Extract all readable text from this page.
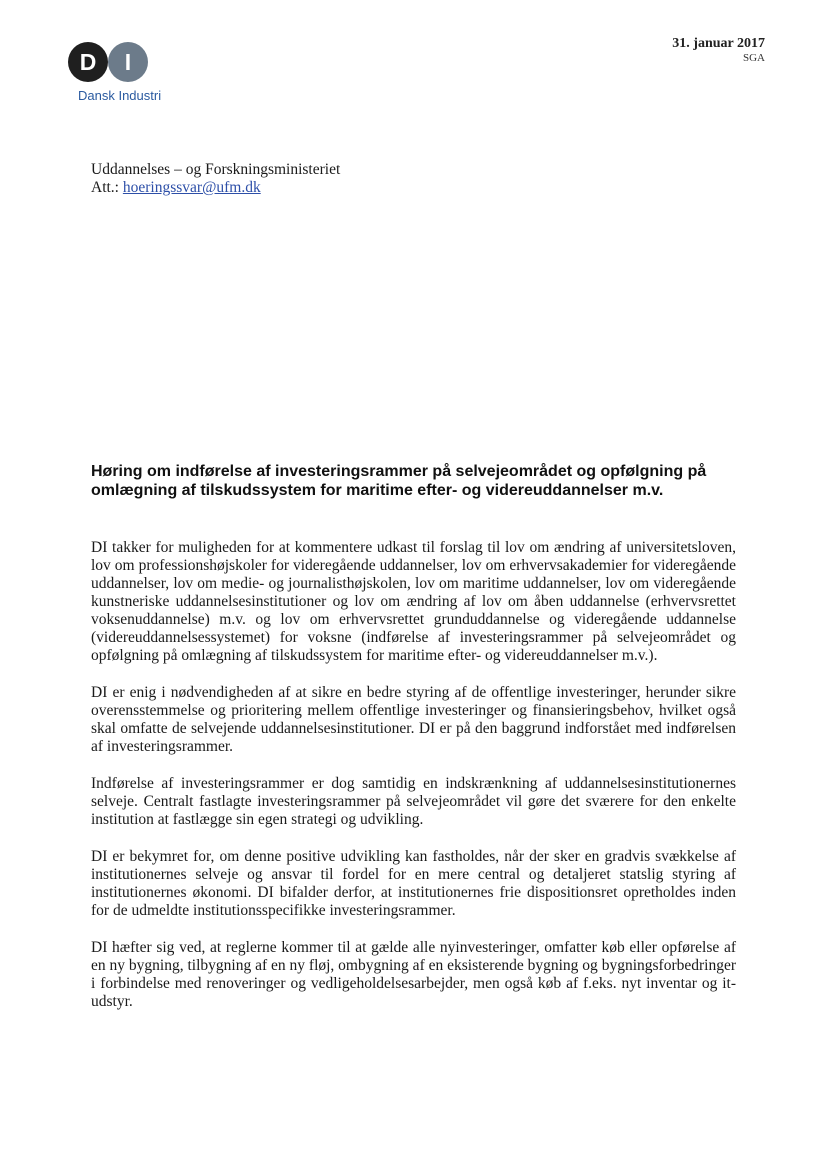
D	I
Dansk Industri
31. januar 2017
SGA
Uddannelses – og Forskningsministeriet
Att.: hoeringssvar@ufm.dk
Høring om indførelse af investeringsrammer på selvejeområdet og opfølgning på omlægning af tilskudssystem for maritime efter- og videreuddannelser m.v.

DI takker for muligheden for at kommentere udkast til forslag til lov om ændring af universitetsloven, lov om professionshøjskoler for videregående uddannelser, lov om erhvervsakademier for videregående uddannelser, lov om medie- og journalisthøjskolen, lov om maritime uddannelser, lov om videregående kunstneriske uddannelsesinstitutioner og lov om ændring af lov om åben uddannelse (erhvervsrettet voksenuddannelse) m.v. og lov om erhvervsrettet grunduddannelse og videregående uddannelse (videreuddannelsessystemet) for voksne (indførelse af investeringsrammer på selvejeområdet og opfølgning på omlægning af tilskudssystem for maritime efter- og videreuddannelser m.v.).

DI er enig i nødvendigheden af at sikre en bedre styring af de offentlige investeringer, herunder sikre overensstemmelse og prioritering mellem offentlige investeringer og finansieringsbehov, hvilket også skal omfatte de selvejende uddannelsesinstitutioner. DI er på den baggrund indforstået med indførelsen af investeringsrammer.

Indførelse af investeringsrammer er dog samtidig en indskrænkning af uddannelsesinstitutionernes selveje. Centralt fastlagte investeringsrammer på selvejeområdet vil gøre det sværere for den enkelte institution at fastlægge sin egen strategi og udvikling.

DI er bekymret for, om denne positive udvikling kan fastholdes, når der sker en gradvis svækkelse af institutionernes selveje og ansvar til fordel for en mere central og detaljeret statslig styring af institutionernes økonomi. DI bifalder derfor, at institutionernes frie dispositionsret opretholdes inden for de udmeldte institutionsspecifikke investeringsrammer.

DI hæfter sig ved, at reglerne kommer til at gælde alle nyinvesteringer, omfatter køb eller opførelse af en ny bygning, tilbygning af en ny fløj, ombygning af en eksisterende bygning og bygningsforbedringer i forbindelse med renoveringer og vedligeholdelsesarbejder, men også køb af f.eks. nyt inventar og it-udstyr.
